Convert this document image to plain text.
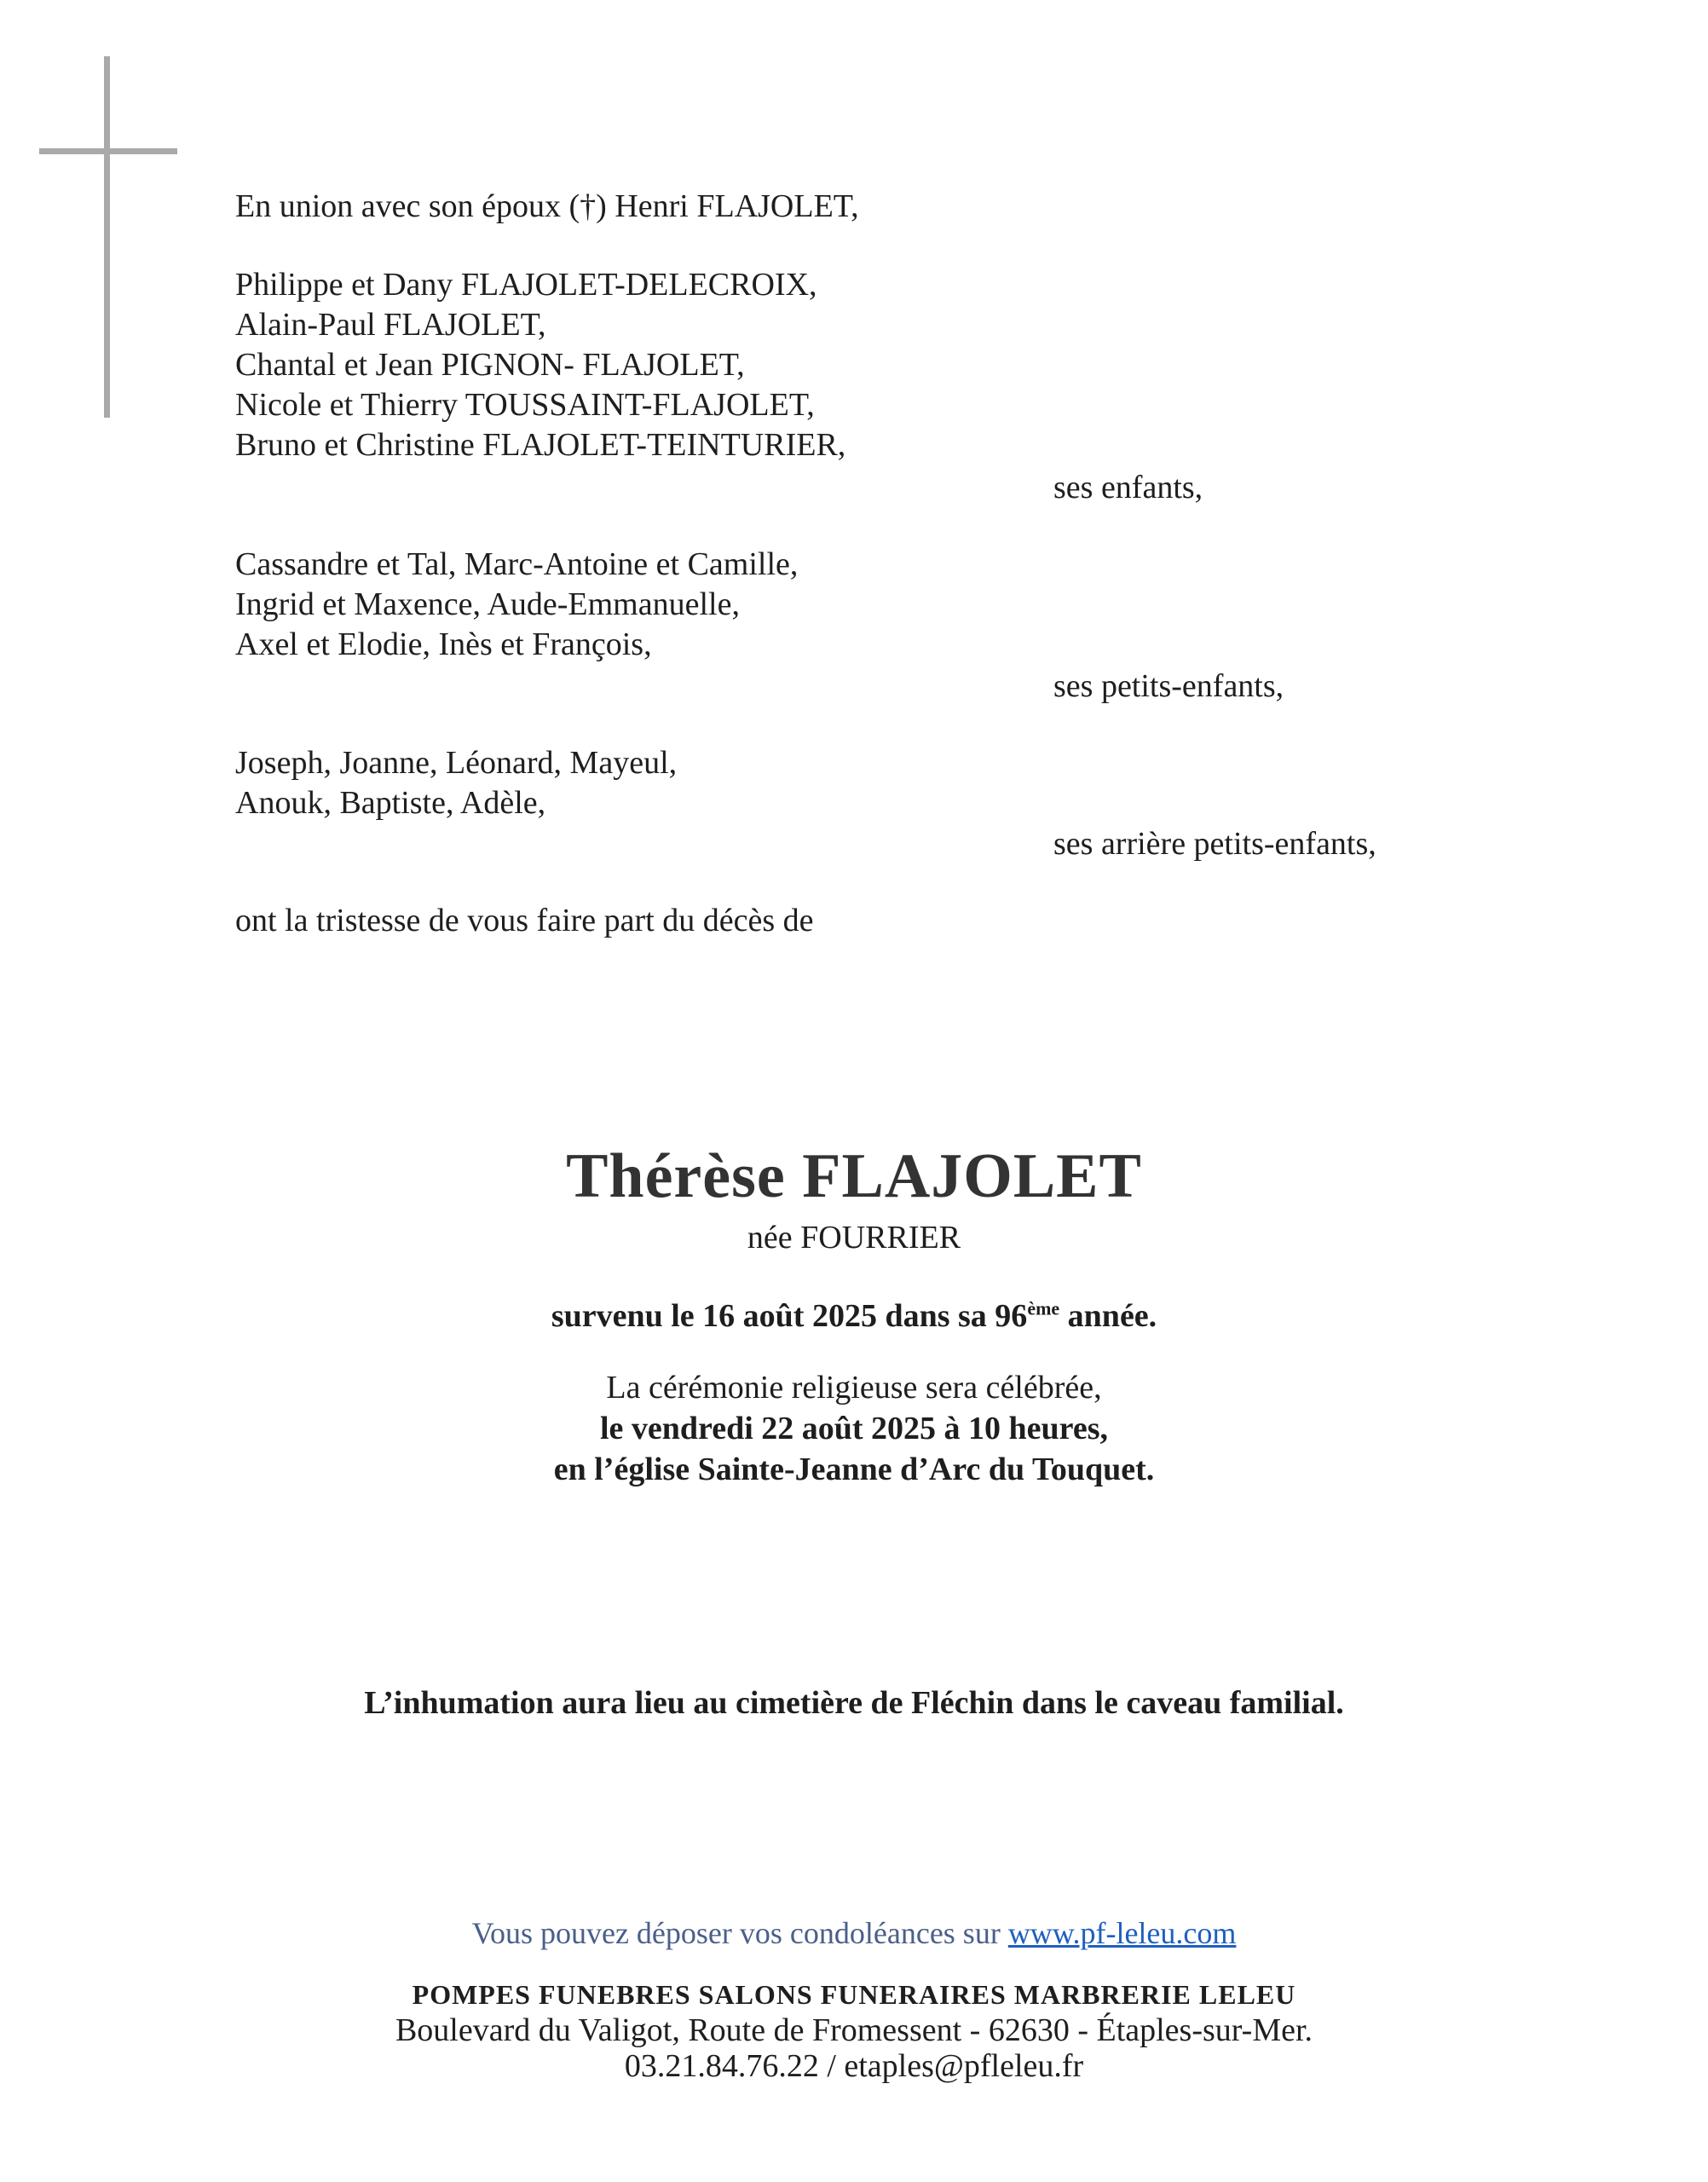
En union avec son époux (†) Henri FLAJOLET,

Philippe et Dany FLAJOLET-DELECROIX,

Alain-Paul FLAJOLET,

Chantal et Jean PIGNON- FLAJOLET,

Nicole et Thierry TOUSSAINT-FLAJOLET,

Bruno et Christine FLAJOLET-TEINTURIER,

ses enfants,

Cassandre et Tal, Marc-Antoine et Camille,

Ingrid et Maxence, Aude-Emmanuelle,

Axel et Elodie, Inès et François,

ses petits-enfants,

Joseph, Joanne, Léonard, Mayeul,

Anouk, Baptiste, Adèle,

ses arrière petits-enfants,

ont la tristesse de vous faire part du décès de

Thérèse FLAJOLET

née FOURRIER

survenu le 16 août 2025 dans sa 96ème année.

La cérémonie religieuse sera célébrée,

le vendredi 22 août 2025 à 10 heures,

en l’église Sainte-Jeanne d’Arc du Touquet.

L’inhumation aura lieu au cimetière de Fléchin dans le caveau familial.

Vous pouvez déposer vos condoléances sur www.pf-leleu.com

POMPES FUNEBRES SALONS FUNERAIRES MARBRERIE LELEU

Boulevard du Valigot, Route de Fromessent - 62630 - Étaples-sur-Mer.

03.21.84.76.22 / etaples@pfleleu.fr
